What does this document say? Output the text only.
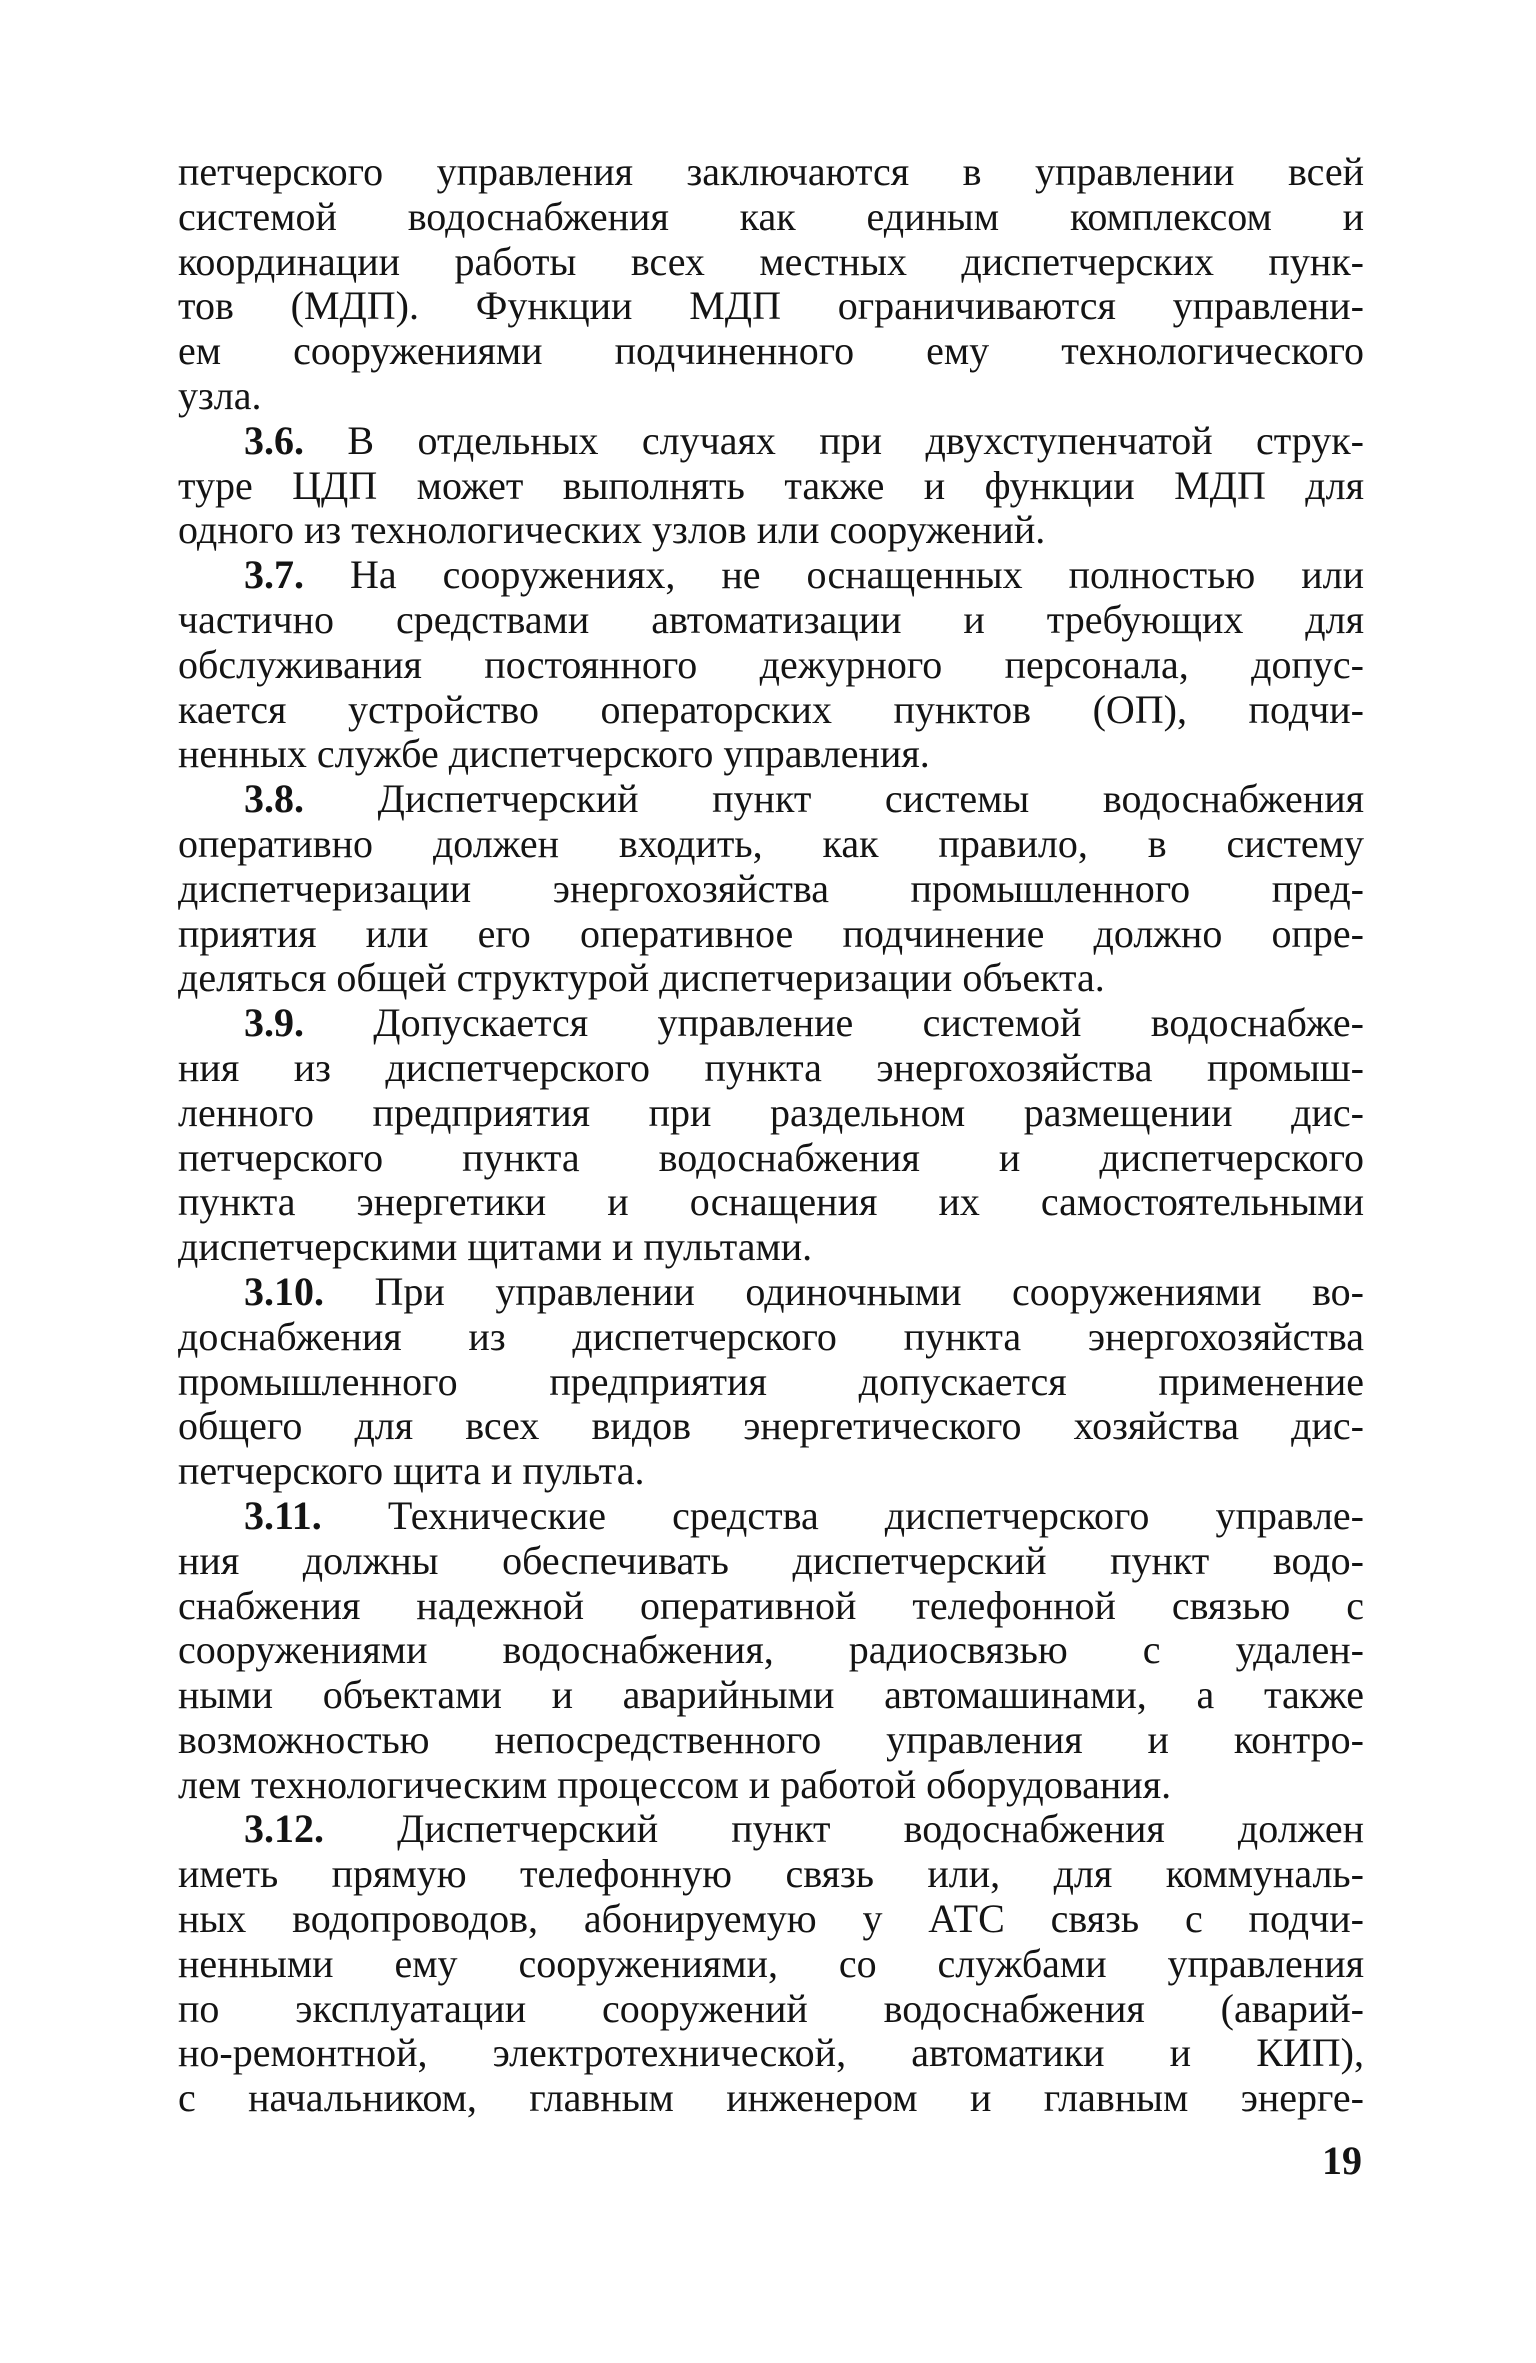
петчерского управления заключаются в управлении всей
системой водоснабжения как единым комплексом и
координации работы всех местных диспетчерских пунк-
тов (МДП). Функции МДП ограничиваются управлени-
ем сооружениями подчиненного ему технологического
узла.
3.6. В отдельных случаях при двухступенчатой струк-
туре ЦДП может выполнять также и функции МДП для
одного из технологических узлов или сооружений.
3.7. На сооружениях, не оснащенных полностью или
частично средствами автоматизации и требующих для
обслуживания постоянного дежурного персонала, допус-
кается устройство операторских пунктов (ОП), подчи-
ненных службе диспетчерского управления.
3.8. Диспетчерский пункт системы водоснабжения
оперативно должен входить, как правило, в систему
диспетчеризации энергохозяйства промышленного пред-
приятия или его оперативное подчинение должно опре-
деляться общей структурой диспетчеризации объекта.
3.9. Допускается управление системой водоснабже-
ния из диспетчерского пункта энергохозяйства промыш-
ленного предприятия при раздельном размещении дис-
петчерского пункта водоснабжения и диспетчерского
пункта энергетики и оснащения их самостоятельными
диспетчерскими щитами и пультами.
3.10. При управлении одиночными сооружениями во-
доснабжения из диспетчерского пункта энергохозяйства
промышленного предприятия допускается применение
общего для всех видов энергетического хозяйства дис-
петчерского щита и пульта.
3.11. Технические средства диспетчерского управле-
ния должны обеспечивать диспетчерский пункт водо-
снабжения надежной оперативной телефонной связью с
сооружениями водоснабжения, радиосвязью с удален-
ными объектами и аварийными автомашинами, а также
возможностью непосредственного управления и контро-
лем технологическим процессом и работой оборудования.
3.12. Диспетчерский пункт водоснабжения должен
иметь прямую телефонную связь или, для коммуналь-
ных водопроводов, абонируемую у АТС связь с подчи-
ненными ему сооружениями, со службами управления
по эксплуатации сооружений водоснабжения (аварий-
но-ремонтной, электротехнической, автоматики и КИП),
с начальником, главным инженером и главным энерге-
19
